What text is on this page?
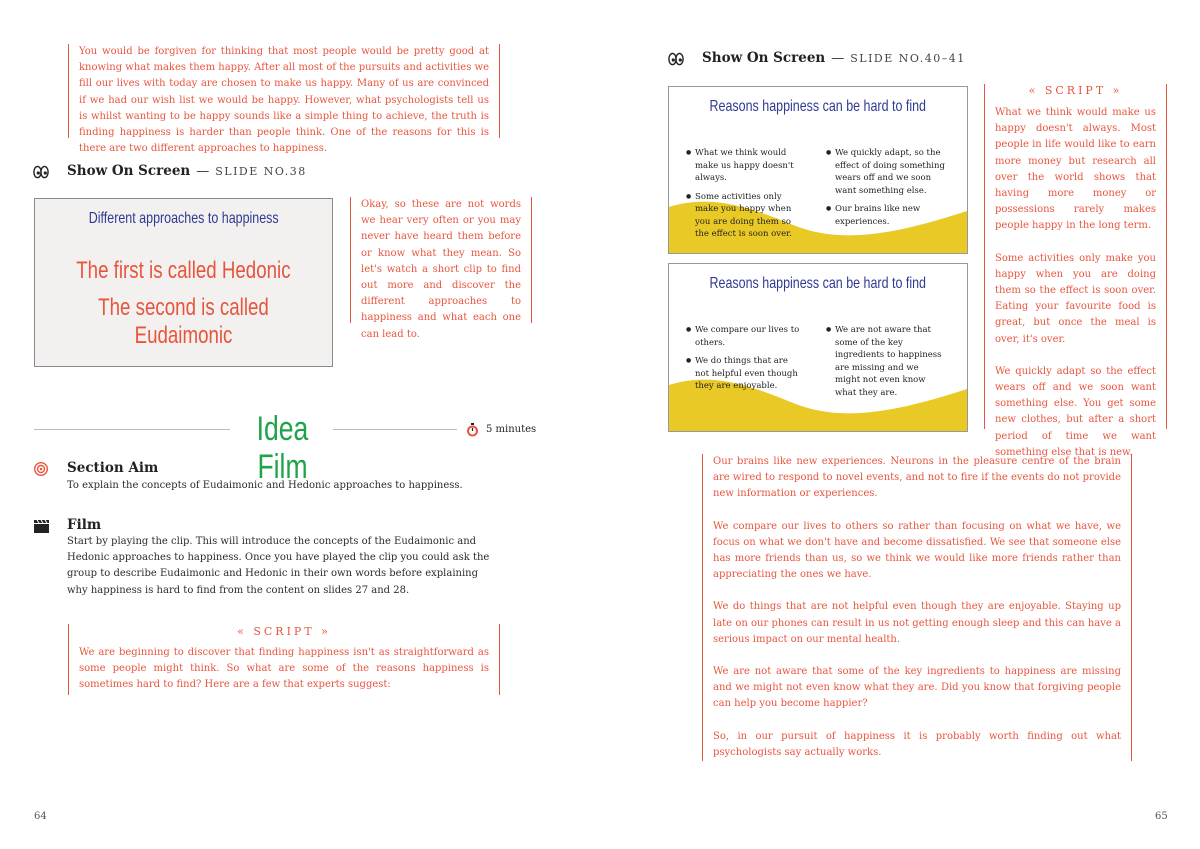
You would be forgiven for thinking that most people would be pretty good at knowing what makes them happy. After all most of the pursuits and activities we fill our lives with today are chosen to make us happy. Many of us are convinced if we had our wish list we would be happy. However, what psychologists tell us is whilst wanting to be happy sounds like a simple thing to achieve, the truth is finding happiness is harder than people think. One of the reasons for this is there are two different approaches to happiness.
Show On Screen — SLIDE NO.38
Different approaches to happiness
The first is called Hedonic
The second is called Eudaimonic
Okay, so these are not words we hear very often or you may never have heard them before or know what they mean. So let's watch a short clip to find out more and discover the different approaches to happiness and what each one can lead to.
Idea Film
5 minutes
Section Aim
To explain the concepts of Eudaimonic and Hedonic approaches to happiness.
Film
Start by playing the clip. This will introduce the concepts of the Eudaimonic and Hedonic approaches to happiness. Once you have played the clip you could ask the group to describe Eudaimonic and Hedonic in their own words before explaining why happiness is hard to find from the content on slides 27 and 28.
« SCRIPT »
We are beginning to discover that finding happiness isn't as straightforward as some people might think. So what are some of the reasons happiness is sometimes hard to find? Here are a few that experts suggest:
64
Show On Screen — SLIDE NO.40–41
Reasons happiness can be hard to find
● What we think would make us happy doesn't always.
● Some activities only make you happy when you are doing them so the effect is soon over.
● We quickly adapt, so the effect of doing something wears off and we soon want something else.
● Our brains like new experiences.
Reasons happiness can be hard to find
● We compare our lives to others.
● We do things that are not helpful even though they are enjoyable.
● We are not aware that some of the key ingredients to happiness are missing and we might not even know what they are.
« SCRIPT »

What we think would make us happy doesn't always. Most people in life would like to earn more money but research all over the world shows that having more money or possessions rarely makes people happy in the long term.

Some activities only make you happy when you are doing them so the effect is soon over. Eating your favourite food is great, but once the meal is over, it's over.

We quickly adapt so the effect wears off and we soon want something else. You get some new clothes, but after a short period of time we want something else that is new.

Our brains like new experiences. Neurons in the pleasure centre of the brain are wired to respond to novel events, and not to fire if the events do not provide new information or experiences.

We compare our lives to others so rather than focusing on what we have, we focus on what we don't have and become dissatisfied. We see that someone else has more friends than us, so we think we would like more friends rather than appreciating the ones we have.

We do things that are not helpful even though they are enjoyable. Staying up late on our phones can result in us not getting enough sleep and this can have a serious impact on our mental health.

We are not aware that some of the key ingredients to happiness are missing and we might not even know what they are. Did you know that forgiving people can help you become happier?

So, in our pursuit of happiness it is probably worth finding out what psychologists say actually works.

65
